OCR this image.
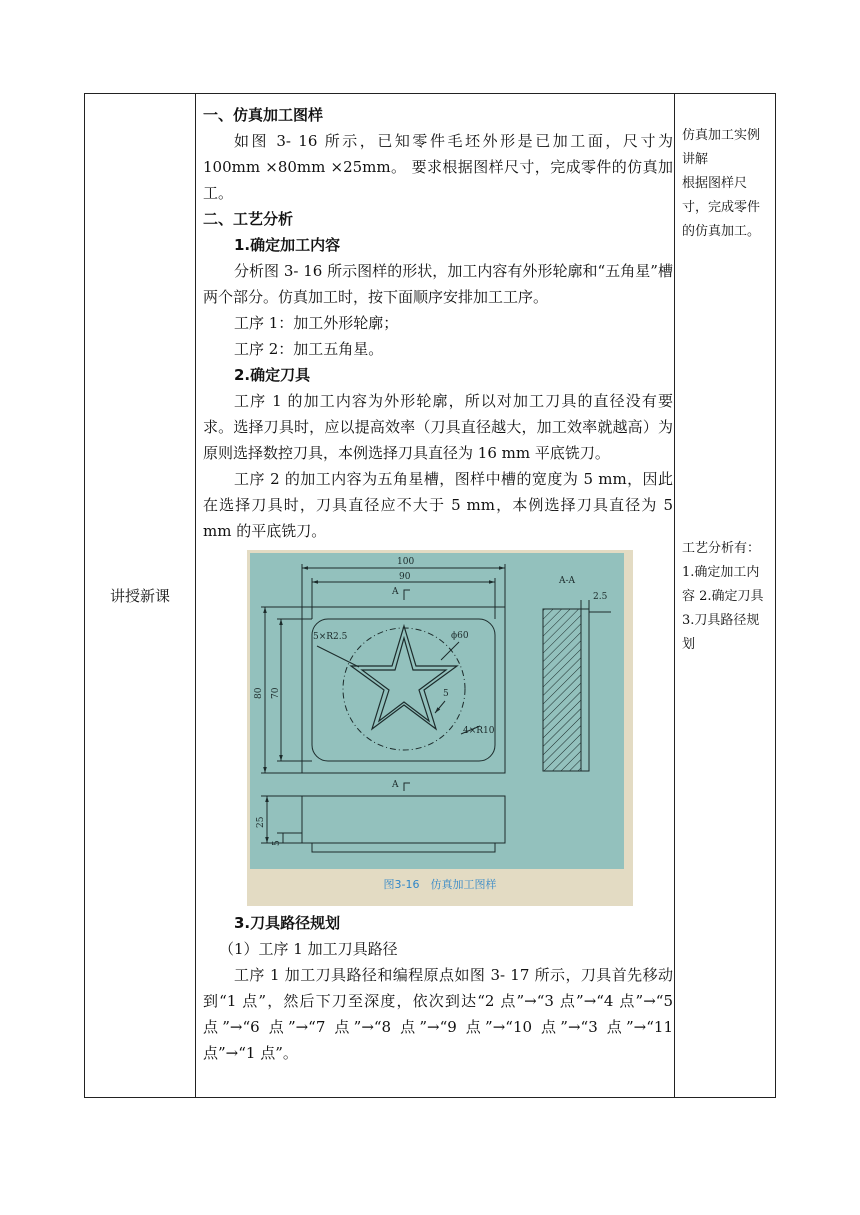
讲授新课

一、仿真加工图样

如图 3- 16 所示，已知零件毛坯外形是已加工面，尺寸为 100mm ×80mm ×25mm。 要求根据图样尺寸，完成零件的仿真加工。

二、工艺分析

1.确定加工内容

分析图 3- 16 所示图样的形状，加工内容有外形轮廓和“五角星”槽两个部分。仿真加工时，按下面顺序安排加工工序。

工序 1：加工外形轮廓；

工序 2：加工五角星。

2.确定刀具

工序 1 的加工内容为外形轮廓，所以对加工刀具的直径没有要求。选择刀具时，应以提高效率（刀具直径越大，加工效率就越高）为原则选择数控刀具，本例选择刀具直径为 16 mm 平底铣刀。

工序 2 的加工内容为五角星槽，图样中槽的宽度为 5 mm，因此在选择刀具时，刀具直径应不大于 5 mm，本例选择刀具直径为 5 mm 的平底铣刀。

100
90
A
A
A-A
2.5
ϕ60
5×R2.5
5
4×R10
80 70
25
5
图3-16　仿真加工图样

3.刀具路径规划

（1）工序 1 加工刀具路径

工序 1 加工刀具路径和编程原点如图 3- 17 所示，刀具首先移动到“1 点”，然后下刀至深度，依次到达“2 点”→“3 点”→“4 点”→“5 点”→“6 点”→“7 点”→“8 点”→“9 点”→“10 点”→“3 点”→“11 点”→“1 点”。

仿真加工实例讲解

根据图样尺寸，完成零件的仿真加工。

工艺分析有：

1.确定加工内容 2.确定刀具 3.刀具路径规划
